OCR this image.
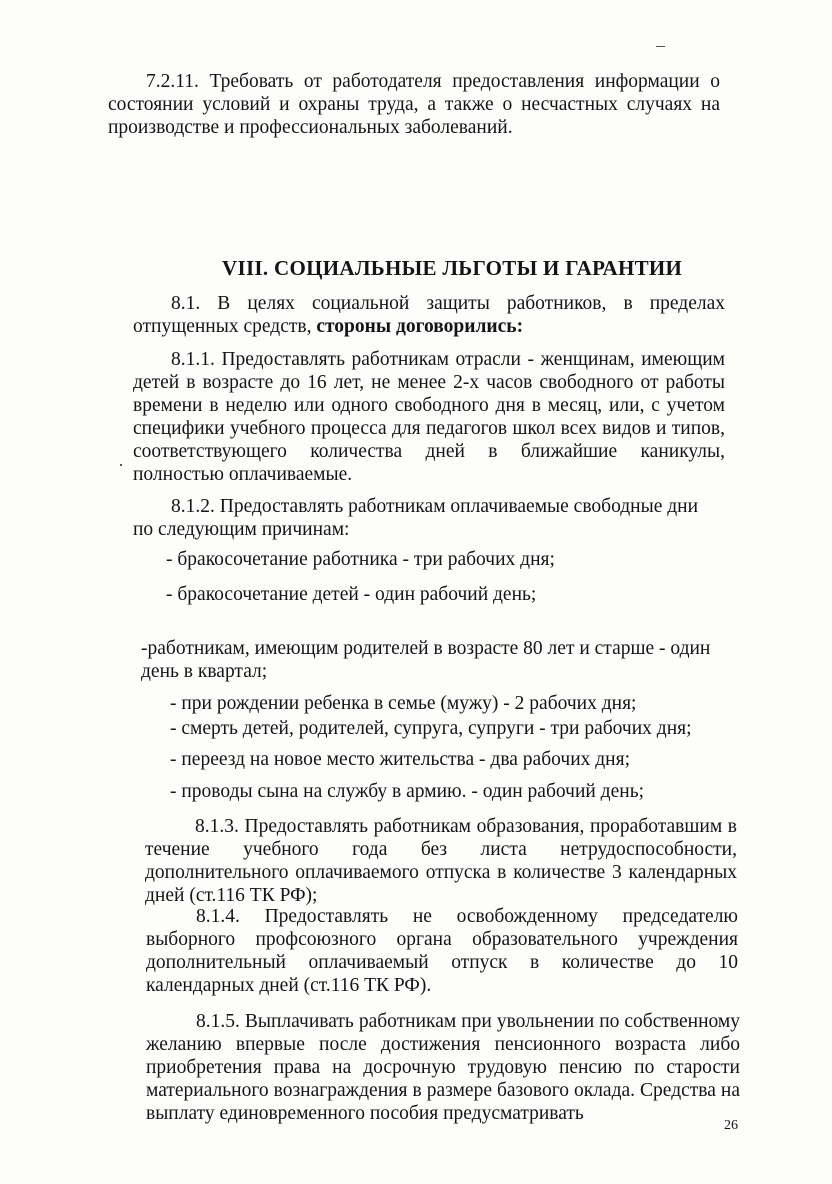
7.2.11. Требовать от работодателя предоставления информации о состоянии условий и охраны труда, а также о несчастных случаях на производстве и профессиональных заболеваний.

VIII. СОЦИАЛЬНЫЕ ЛЬГОТЫ И ГАРАНТИИ

8.1. В целях социальной защиты работников, в пределах отпущенных средств, стороны договорились:

8.1.1. Предоставлять работникам отрасли - женщинам, имеющим детей в возрасте до 16 лет, не менее 2-х часов свободного от работы времени в неделю или одного свободного дня в месяц, или, с учетом специфики учебного процесса для педагогов школ всех видов и типов, соответствующего количества дней в ближайшие каникулы, полностью оплачиваемые.

8.1.2. Предоставлять работникам оплачиваемые свободные дни по следующим причинам:

- бракосочетание работника - три рабочих дня;

- бракосочетание детей - один рабочий день;

-работникам, имеющим родителей в возрасте 80 лет и старше - один день в квартал;

- при рождении ребенка в семье (мужу) - 2 рабочих дня;

- смерть детей, родителей, супруга, супруги - три рабочих дня;

- переезд на новое место жительства - два рабочих дня;

- проводы сына на службу в армию. - один рабочий день;

8.1.3. Предоставлять работникам образования, проработавшим в течение учебного года без листа нетрудоспособности, дополнительного оплачиваемого отпуска в количестве 3 календарных дней (ст.116 ТК РФ);

8.1.4. Предоставлять не освобожденному председателю выборного профсоюзного органа образовательного учреждения дополнительный оплачиваемый отпуск в количестве до 10 календарных дней (ст.116 ТК РФ).

8.1.5. Выплачивать работникам при увольнении по собственному желанию впервые после достижения пенсионного возраста либо приобретения права на досрочную трудовую пенсию по старости материального вознаграждения в размере базового оклада. Средства на выплату единовременного пособия предусматривать

26
